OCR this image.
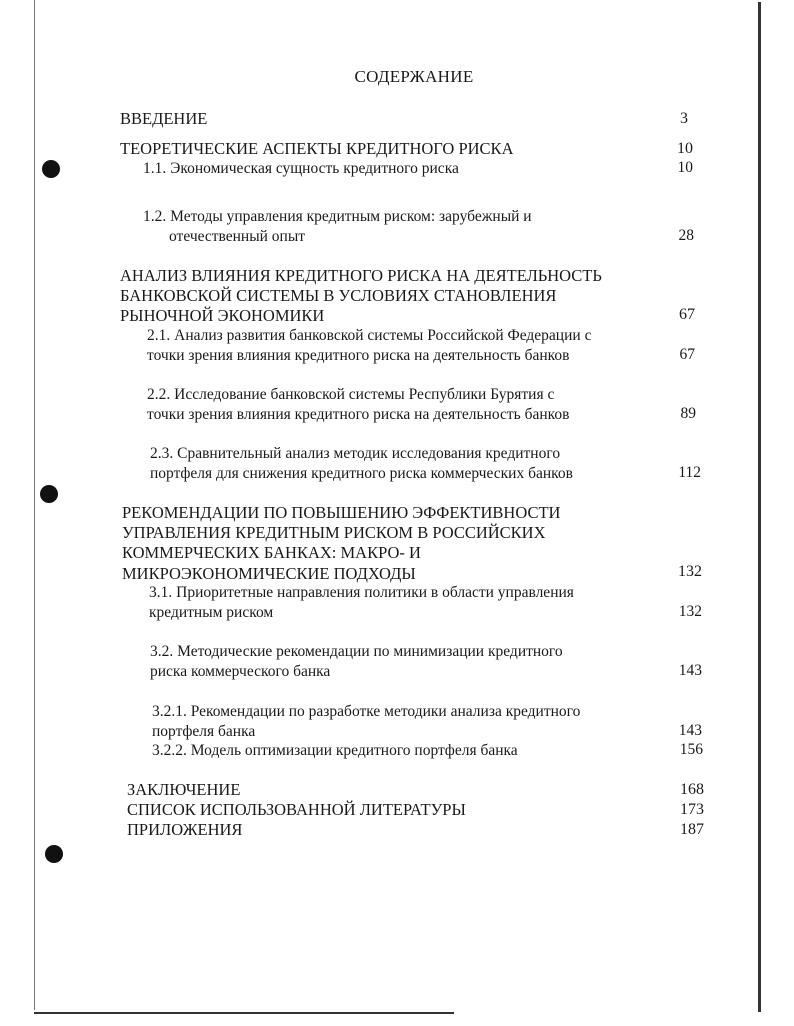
СОДЕРЖАНИЕ
ВВЕДЕНИЕ	3
ТЕОРЕТИЧЕСКИЕ АСПЕКТЫ КРЕДИТНОГО РИСКА	10
1.1. Экономическая сущность кредитного риска	10
1.2. Методы управления кредитным риском: зарубежный и
отечественный опыт	28
АНАЛИЗ ВЛИЯНИЯ КРЕДИТНОГО РИСКА НА ДЕЯТЕЛЬНОСТЬ
БАНКОВСКОЙ СИСТЕМЫ В УСЛОВИЯХ СТАНОВЛЕНИЯ
РЫНОЧНОЙ ЭКОНОМИКИ	67
2.1. Анализ развития банковской системы Российской Федерации с
точки зрения влияния кредитного риска на деятельность банков	67
2.2. Исследование банковской системы Республики Бурятия с
точки зрения влияния кредитного риска на деятельность банков	89
2.3. Сравнительный анализ методик исследования кредитного
портфеля для снижения кредитного риска коммерческих банков	112
РЕКОМЕНДАЦИИ ПО ПОВЫШЕНИЮ ЭФФЕКТИВНОСТИ
УПРАВЛЕНИЯ КРЕДИТНЫМ РИСКОМ В РОССИЙСКИХ
КОММЕРЧЕСКИХ БАНКАХ: МАКРО- И
МИКРОЭКОНОМИЧЕСКИЕ ПОДХОДЫ	132
3.1. Приоритетные направления политики в области управления
кредитным риском	132
3.2. Методические рекомендации по минимизации кредитного
риска коммерческого банка	143
3.2.1. Рекомендации по разработке методики анализа кредитного
портфеля банка	143
3.2.2. Модель оптимизации кредитного портфеля банка	156
ЗАКЛЮЧЕНИЕ	168
СПИСОК ИСПОЛЬЗОВАННОЙ ЛИТЕРАТУРЫ	173
ПРИЛОЖЕНИЯ	187
